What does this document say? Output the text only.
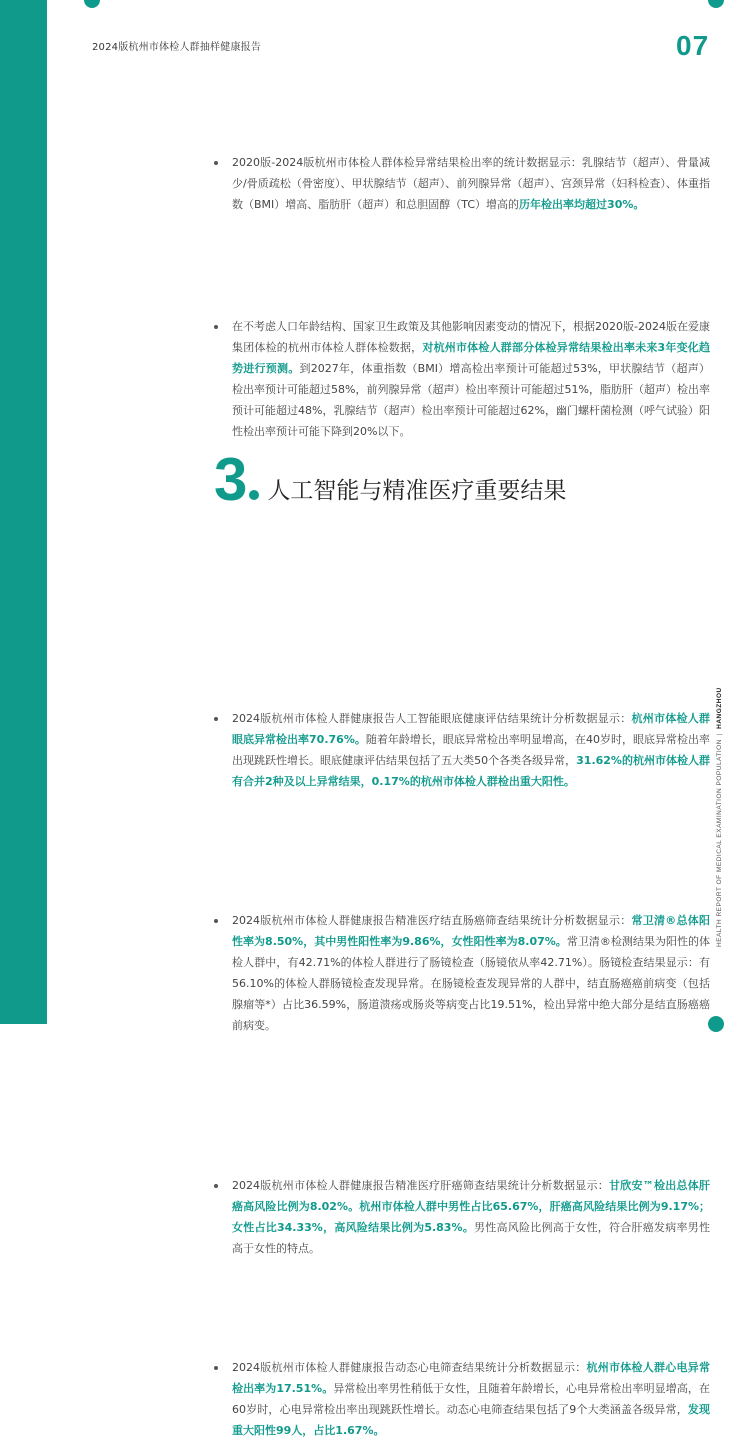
2024版杭州市体检人群抽样健康报告	07
HEALTH REPORT OF MEDICAL EXAMINATION POPULATION|HANGZHOU
2020版-2024版杭州市体检人群体检异常结果检出率的统计数据显示：乳腺结节（超声）、骨量减少/骨质疏松（骨密度）、甲状腺结节（超声）、前列腺异常（超声）、宫颈异常（妇科检查）、体重指数（BMI）增高、脂肪肝（超声）和总胆固醇（TC）增高的历年检出率均超过30%。
在不考虑人口年龄结构、国家卫生政策及其他影响因素变动的情况下，根据2020版-2024版在爱康集团体检的杭州市体检人群体检数据，对杭州市体检人群部分体检异常结果检出率未来3年变化趋势进行预测。到2027年，体重指数（BMI）增高检出率预计可能超过53%，甲状腺结节（超声）检出率预计可能超过58%，前列腺异常（超声）检出率预计可能超过51%，脂肪肝（超声）检出率预计可能超过48%，乳腺结节（超声）检出率预计可能超过62%，幽门螺杆菌检测（呼气试验）阳性检出率预计可能下降到20%以下。
3 人工智能与精准医疗重要结果
2024版杭州市体检人群健康报告人工智能眼底健康评估结果统计分析数据显示：杭州市体检人群眼底异常检出率70.76%。随着年龄增长，眼底异常检出率明显增高，在40岁时，眼底异常检出率出现跳跃性增长。眼底健康评估结果包括了五大类50个各类各级异常，31.62%的杭州市体检人群有合并2种及以上异常结果，0.17%的杭州市体检人群检出重大阳性。
2024版杭州市体检人群健康报告精准医疗结直肠癌筛查结果统计分析数据显示：常卫清®总体阳性率为8.50%，其中男性阳性率为9.86%，女性阳性率为8.07%。常卫清®检测结果为阳性的体检人群中，有42.71%的体检人群进行了肠镜检查（肠镜依从率42.71%）。肠镜检查结果显示：有56.10%的体检人群肠镜检查发现异常。在肠镜检查发现异常的人群中，结直肠癌癌前病变（包括腺瘤等*）占比36.59%，肠道溃疡或肠炎等病变占比19.51%，检出异常中绝大部分是结直肠癌癌前病变。
2024版杭州市体检人群健康报告精准医疗肝癌筛查结果统计分析数据显示：甘欣安™检出总体肝癌高风险比例为8.02%。杭州市体检人群中男性占比65.67%，肝癌高风险结果比例为9.17%；女性占比34.33%，高风险结果比例为5.83%。男性高风险比例高于女性，符合肝癌发病率男性高于女性的特点。
2024版杭州市体检人群健康报告动态心电筛查结果统计分析数据显示：杭州市体检人群心电异常检出率为17.51%。异常检出率男性稍低于女性，且随着年龄增长，心电异常检出率明显增高，在60岁时，心电异常检出率出现跳跃性增长。动态心电筛查结果包括了9个大类涵盖各级异常，发现重大阳性99人，占比1.67%。
